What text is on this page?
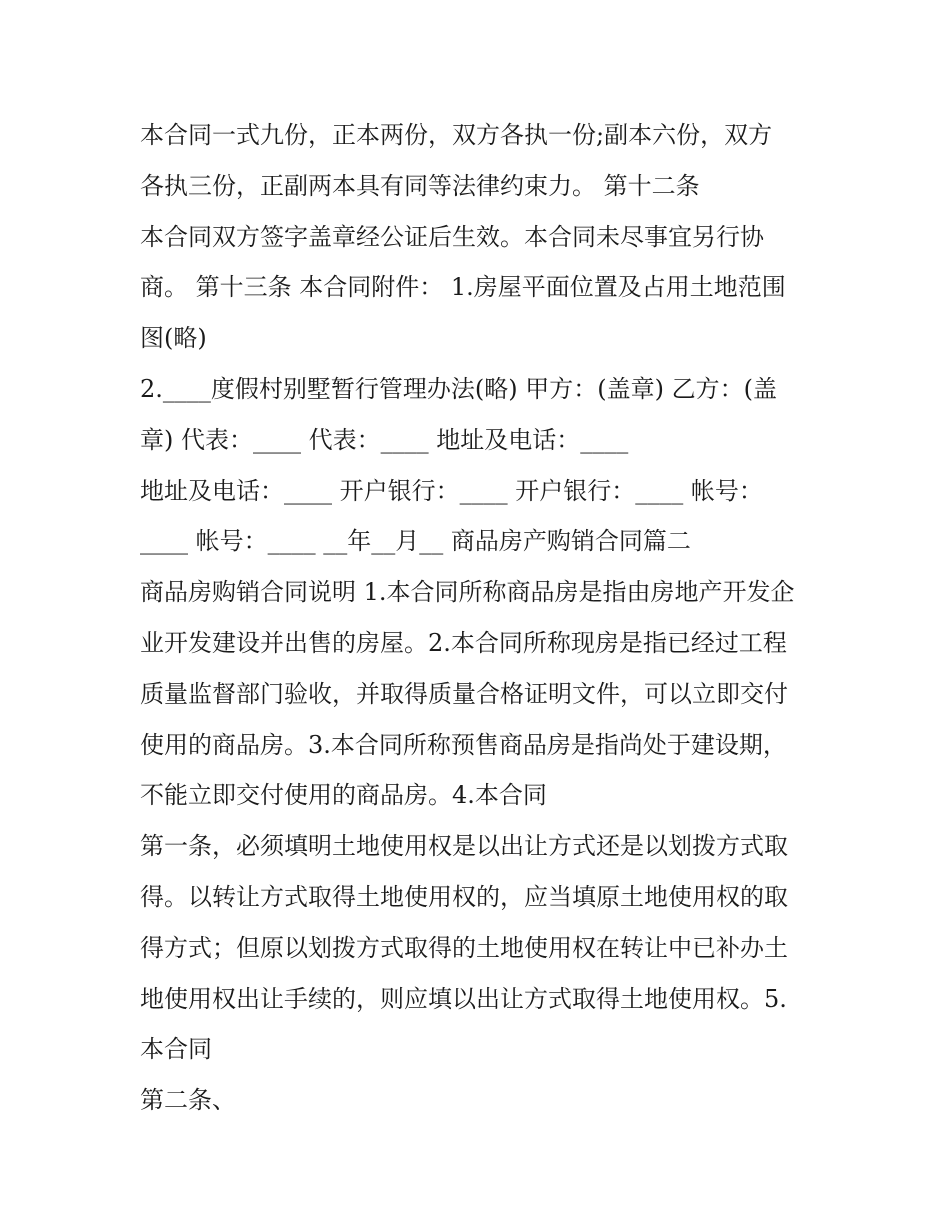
本合同一式九份，正本两份，双方各执一份;副本六份，双方
各执三份，正副两本具有同等法律约束力。 第十二条
本合同双方签字盖章经公证后生效。本合同未尽事宜另行协
商。 第十三条 本合同附件： 1.房屋平面位置及占用土地范围
图(略)
2.____度假村别墅暂行管理办法(略) 甲方：(盖章) 乙方：(盖
章) 代表：____ 代表：____ 地址及电话：____
地址及电话：____ 开户银行：____ 开户银行：____ 帐号：
____ 帐号：____ __年__月__ 商品房产购销合同篇二
商品房购销合同说明 1.本合同所称商品房是指由房地产开发企
业开发建设并出售的房屋。2.本合同所称现房是指已经过工程
质量监督部门验收，并取得质量合格证明文件，可以立即交付
使用的商品房。3.本合同所称预售商品房是指尚处于建设期，
不能立即交付使用的商品房。4.本合同
第一条，必须填明土地使用权是以出让方式还是以划拨方式取
得。以转让方式取得土地使用权的，应当填原土地使用权的取
得方式；但原以划拨方式取得的土地使用权在转让中已补办土
地使用权出让手续的，则应填以出让方式取得土地使用权。5.
本合同
第二条、
